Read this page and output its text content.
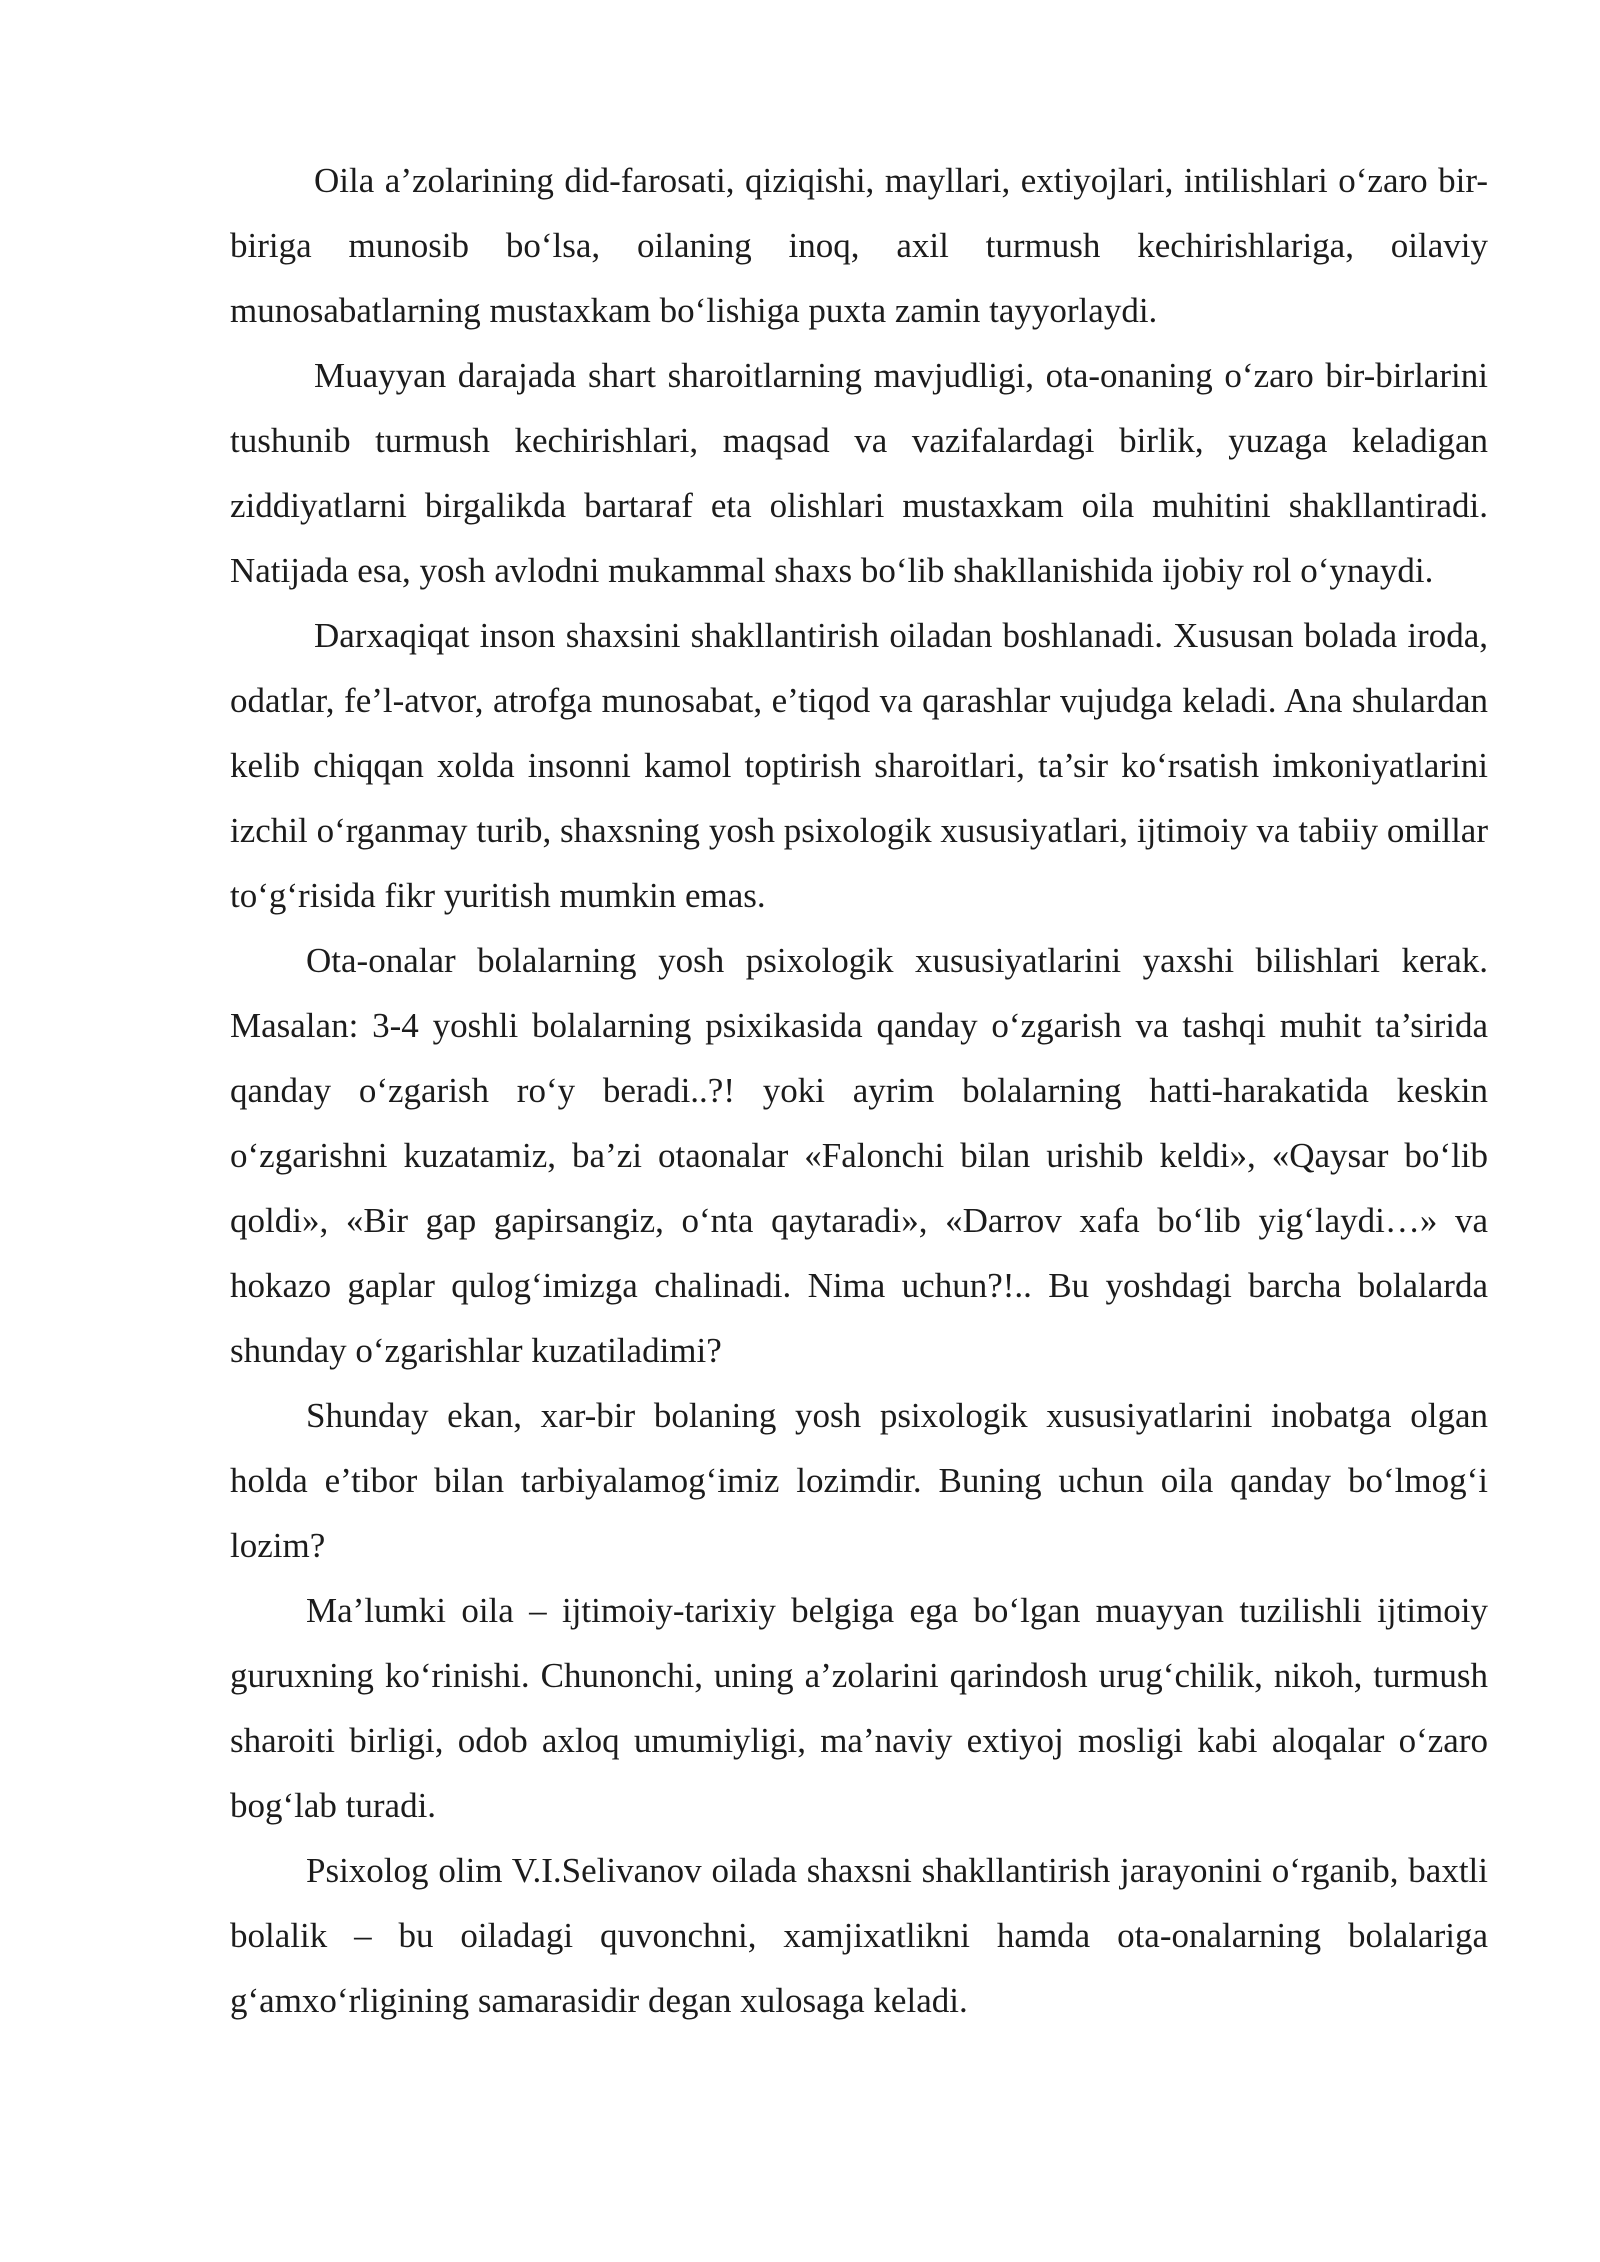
Oila a’zolarining did-farosati, qiziqishi, mayllari, extiyojlari, intilishlari o‘zaro bir-biriga munosib bo‘lsa, oilaning inoq, axil turmush kechirishlariga, oilaviy munosabatlarning mustaxkam bo‘lishiga puxta zamin tayyorlaydi.

Muayyan darajada shart sharoitlarning mavjudligi, ota-onaning o‘zaro bir-birlarini tushunib turmush kechirishlari, maqsad va vazifalardagi birlik, yuzaga keladigan ziddiyatlarni birgalikda bartaraf eta olishlari mustaxkam oila muhitini shakllantiradi. Natijada esa, yosh avlodni mukammal shaxs bo‘lib shakllanishida ijobiy rol o‘ynaydi.

Darxaqiqat inson shaxsini shakllantirish oiladan boshlanadi. Xususan bolada iroda, odatlar, fe’l-atvor, atrofga munosabat, e’tiqod va qarashlar vujudga keladi. Ana shulardan kelib chiqqan xolda insonni kamol toptirish sharoitlari, ta’sir ko‘rsatish imkoniyatlarini izchil o‘rganmay turib, shaxsning yosh psixologik xususiyatlari, ijtimoiy va tabiiy omillar to‘g‘risida fikr yuritish mumkin emas.

Ota-onalar bolalarning yosh psixologik xususiyatlarini yaxshi bilishlari kerak. Masalan: 3-4 yoshli bolalarning psixikasida qanday o‘zgarish va tashqi muhit ta’sirida qanday o‘zgarish ro‘y beradi..?! yoki ayrim bolalarning hatti-harakatida keskin o‘zgarishni kuzatamiz, ba’zi otaonalar «Falonchi bilan urishib keldi», «Qaysar bo‘lib qoldi», «Bir gap gapirsangiz, o‘nta qaytaradi», «Darrov xafa bo‘lib yig‘laydi…» va hokazo gaplar qulog‘imizga chalinadi. Nima uchun?!.. Bu yoshdagi barcha bolalarda shunday o‘zgarishlar kuzatiladimi?

Shunday ekan, xar-bir bolaning yosh psixologik xususiyatlarini inobatga olgan holda e’tibor bilan tarbiyalamog‘imiz lozimdir. Buning uchun oila qanday bo‘lmog‘i lozim?

Ma’lumki oila – ijtimoiy-tarixiy belgiga ega bo‘lgan muayyan tuzilishli ijtimoiy guruxning ko‘rinishi. Chunonchi, uning a’zolarini qarindosh urug‘chilik, nikoh, turmush sharoiti birligi, odob axloq umumiyligi, ma’naviy extiyoj mosligi kabi aloqalar o‘zaro bog‘lab turadi.

Psixolog olim V.I.Selivanov oilada shaxsni shakllantirish jarayonini o‘rganib, baxtli bolalik – bu oiladagi quvonchni, xamjixatlikni hamda ota-onalarning bolalariga g‘amxo‘rligining samarasidir degan xulosaga keladi.
